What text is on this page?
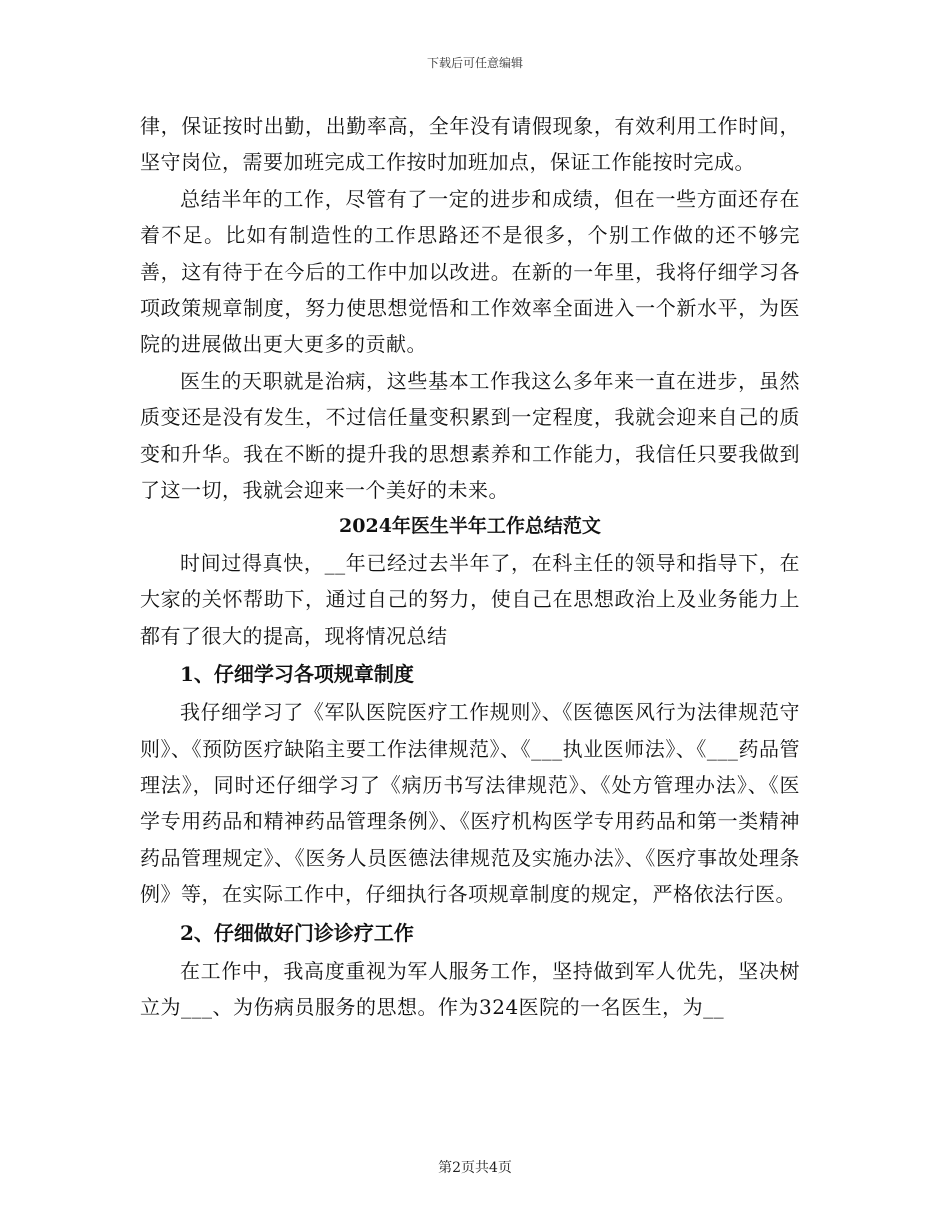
下载后可任意编辑

律，保证按时出勤，出勤率高，全年没有请假现象，有效利用工作时间，坚守岗位，需要加班完成工作按时加班加点，保证工作能按时完成。

总结半年的工作，尽管有了一定的进步和成绩，但在一些方面还存在着不足。比如有制造性的工作思路还不是很多，个别工作做的还不够完善，这有待于在今后的工作中加以改进。在新的一年里，我将仔细学习各项政策规章制度，努力使思想觉悟和工作效率全面进入一个新水平，为医院的进展做出更大更多的贡献。

医生的天职就是治病，这些基本工作我这么多年来一直在进步，虽然质变还是没有发生，不过信任量变积累到一定程度，我就会迎来自己的质变和升华。我在不断的提升我的思想素养和工作能力，我信任只要我做到了这一切，我就会迎来一个美好的未来。

2024年医生半年工作总结范文

时间过得真快，__年已经过去半年了，在科主任的领导和指导下，在大家的关怀帮助下，通过自己的努力，使自己在思想政治上及业务能力上都有了很大的提高，现将情况总结

1、仔细学习各项规章制度

我仔细学习了《军队医院医疗工作规则》、《医德医风行为法律规范守则》、《预防医疗缺陷主要工作法律规范》、《___执业医师法》、《___药品管理法》，同时还仔细学习了《病历书写法律规范》、《处方管理办法》、《医学专用药品和精神药品管理条例》、《医疗机构医学专用药品和第一类精神药品管理规定》、《医务人员医德法律规范及实施办法》、《医疗事故处理条例》等，在实际工作中，仔细执行各项规章制度的规定，严格依法行医。

2、仔细做好门诊诊疗工作

在工作中，我高度重视为军人服务工作，坚持做到军人优先，坚决树立为___、为伤病员服务的思想。作为324医院的一名医生，为__

第2页共4页
